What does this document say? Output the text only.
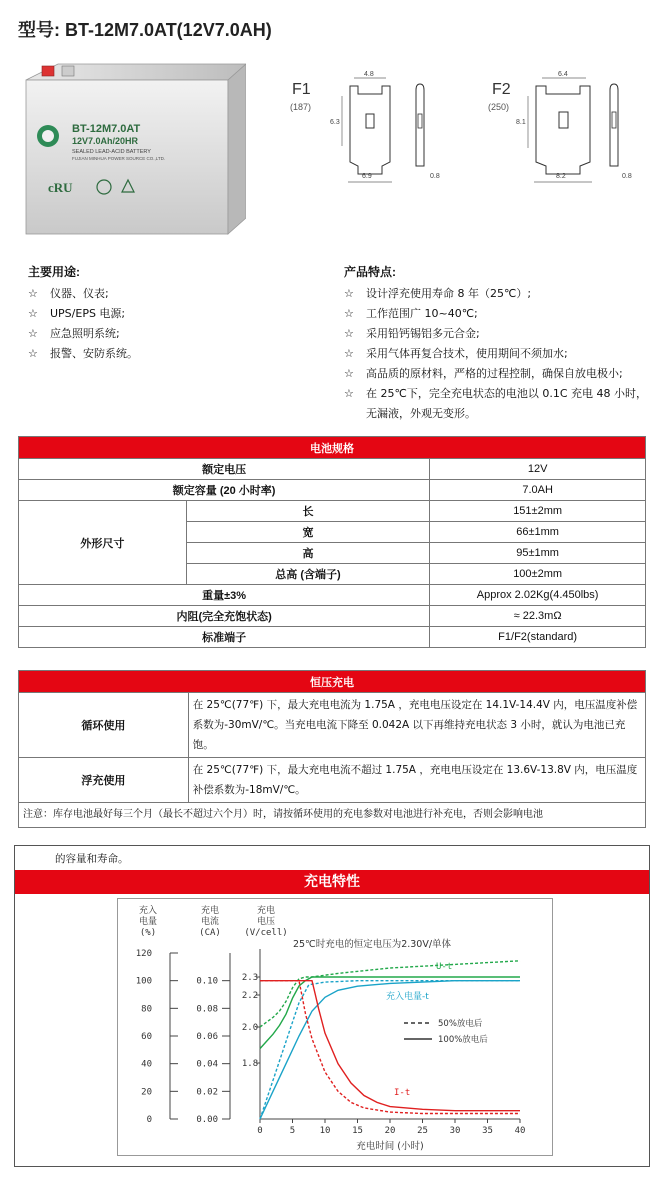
型号: BT-12M7.0AT(12V7.0AH)
BT-12M7.0AT
12V7.0Ah/20HR
SEALED LEAD-ACID BATTERY
FUJIAN MINHUA POWER SOURCE CO.,LTD.
cRU
F1
(187)
4.8
6.3
6.9	0.8
F2
(250)
6.4
8.1
8.2	0.8
主要用途:
☆	仪器、仪表;
☆	UPS/EPS 电源;
☆	应急照明系统;
☆	报警、安防系统。
产品特点:
☆	设计浮充使用寿命 8 年（25℃）;
☆	工作范围广 10~40℃;
☆	采用铅钙锡铝多元合金;
☆	采用气体再复合技术，使用期间不须加水;
☆	高品质的原材料，严格的过程控制，确保自放电极小;
☆	在 25℃下，完全充电状态的电池以 0.1C 充电 48 小时，无漏液，外观无变形。
电池规格		
额定电压		12V
额定容量 (20 小时率)		7.0AH
外形尺寸	长	151±2mm
	宽	66±1mm
	高	95±1mm
	总高 (含端子)	100±2mm
重量±3%		Approx 2.02Kg(4.450lbs)
内阻(完全充饱状态)		≈ 22.3mΩ
标准端子		F1/F2(standard)
恒压充电	
循环使用	在 25℃(77℉) 下，最大充电电流为 1.75A ，充电电压设定在 14.1V-14.4V 内，电压温度补偿系数为-30mV/℃。当充电电流下降至 0.042A 以下再维持充电状态 3 小时，就认为电池已充饱。
浮充使用	在 25℃(77℉) 下，最大充电电流不超过 1.75A ，充电电压设定在 13.6V-13.8V 内，电压温度补偿系数为-18mV/℃。
注意：库存电池最好每三个月（最长不超过六个月）时，请按循环使用的充电参数对电池进行补充电，否则会影响电池	
的容量和寿命。
充电特性
充入
电量
(%)
充电
电流
(CA)
充电
电压
(V/cell)
25℃时充电的恒定电压为2.30V/单体
0
20
40
60
80
100
120
0.00
0.02
0.04
0.06
0.08
0.10
1.8
2.0
2.2
2.3
0	5	10 15 20 25 30 35 40
充电时间 (小时)
U-t
充入电量-t
I-t
50%放电后
100%放电后
